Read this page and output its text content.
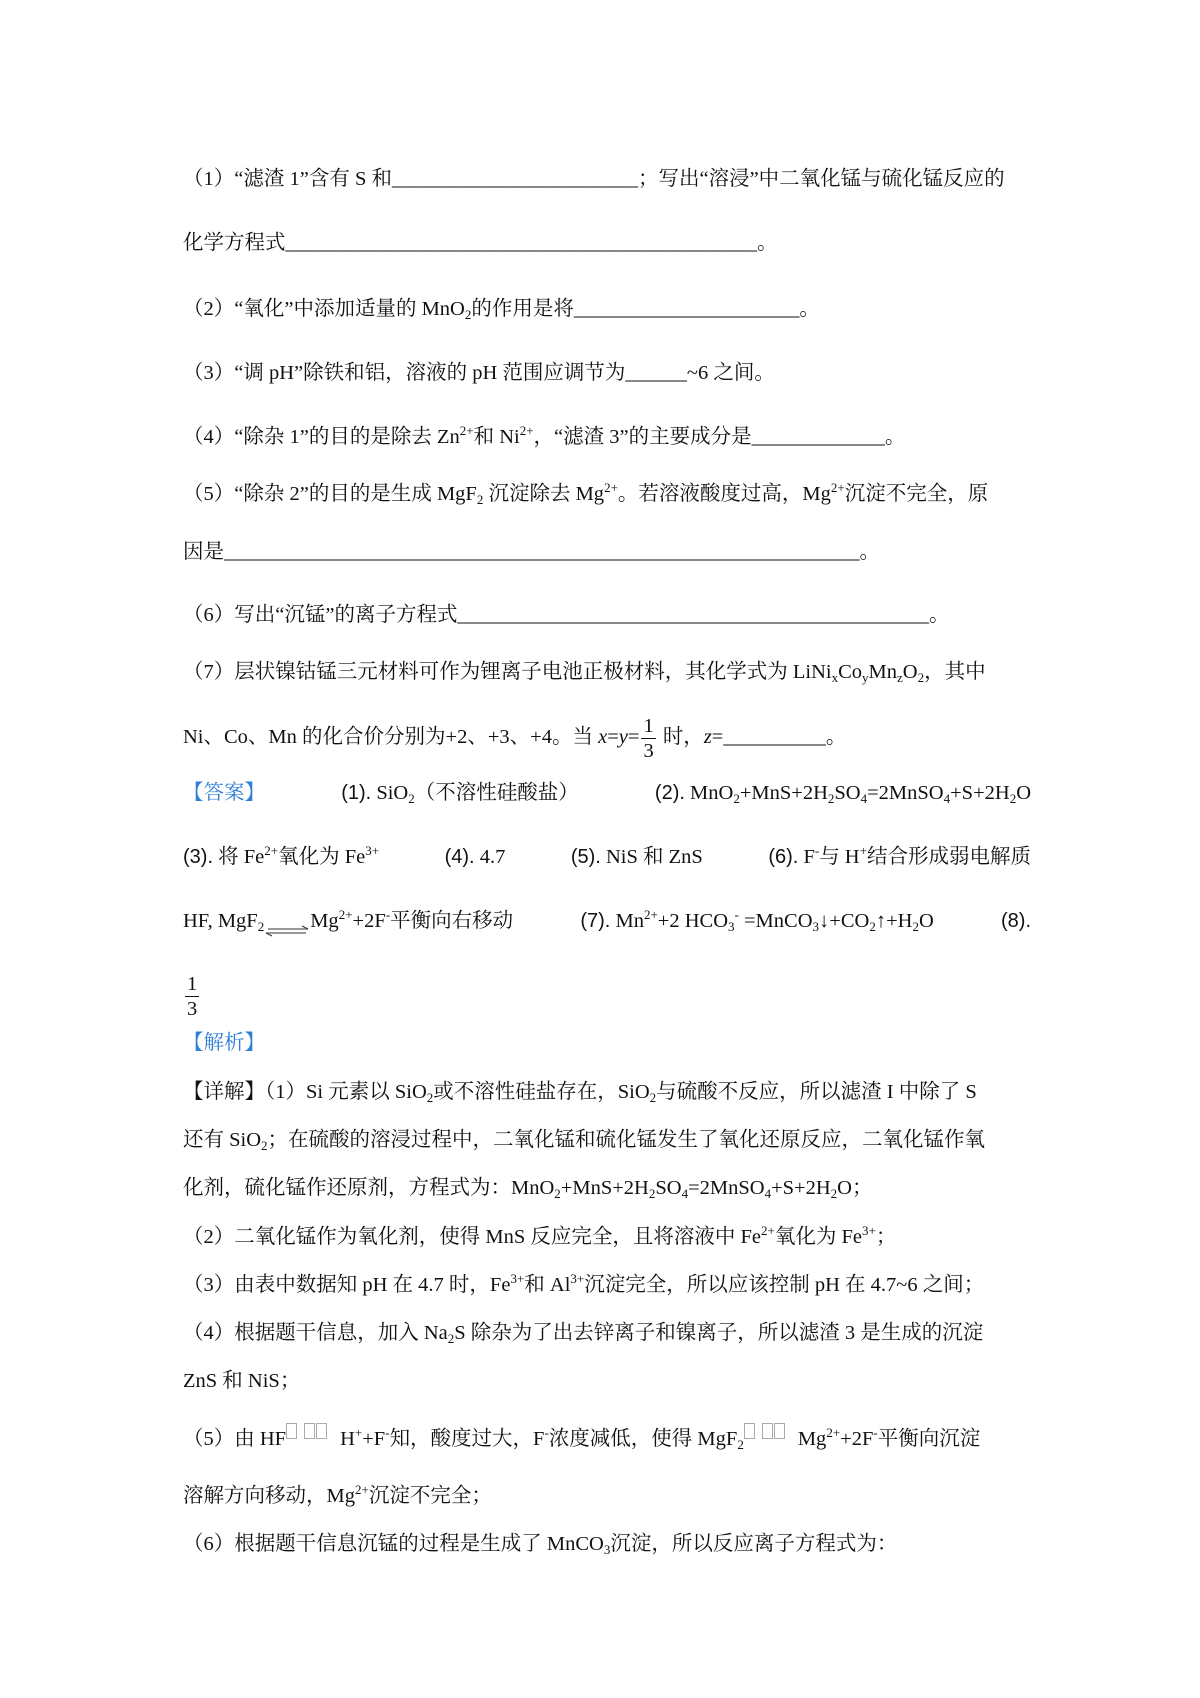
（1）“滤渣 1”含有 S 和________________________；写出“溶浸”中二氧化锰与硫化锰反应的
化学方程式______________________________________________。
（2）“氧化”中添加适量的 MnO$_2$的作用是将______________________。
（3）“调 pH”除铁和铝，溶液的 pH 范围应调节为______~6 之间。
（4）“除杂 1”的目的是除去 $Zn^{2+}$和 $Ni^{2+}$，“滤渣 3”的主要成分是_____________。
（5）“除杂 2”的目的是生成 MgF$_2$ 沉淀除去 $Mg^{2+}$。若溶液酸度过高，$Mg^{2+}$沉淀不完全，原
因是______________________________________________________________。
（6）写出“沉锰”的离子方程式______________________________________________。
（7）层状镍钴锰三元材料可作为锂离子电池正极材料，其化学式为 $LiNi_xCo_yMn_zO_2$，其中
Ni、Co、Mn 的化合价分别为+2、+3、+4。当 $x=y= \frac{1}{3}$ 时，z=__________。
【答案】	(1). SiO$_2$（不溶性硅酸盐）	(2). $MnO_2+MnS+2H_2SO_4=2MnSO_4+S+2H_2O$
(3). 将 $Fe^{2+}$氧化为 $Fe^{3+}$	(4). 4.7	(5). NiS 和 ZnS	(6). F-与 H+结合形成弱电解质
HF, $MgF_2\rightleftharpoons Mg^{2+}+2F^-$平衡向右移动	(7). $Mn^{2+}+2$ $HCO_3^-$ $=MnCO_3↓+CO_2↑+H_2O$	(8).
$\frac{1}{3}$
【解析】
【详解】（1）Si 元素以 SiO$_2$或不溶性硅盐存在，SiO$_2$与硫酸不反应，所以滤渣 I 中除了 S
还有 SiO$_2$；在硫酸的溶浸过程中，二氧化锰和硫化锰发生了氧化还原反应，二氧化锰作氧
化剂，硫化锰作还原剂，方程式为：$MnO_2+MnS+2H_2SO_4=2MnSO_4+S+2H_2O$；
（2）二氧化锰作为氧化剂，使得 MnS 反应完全，且将溶液中 $Fe^{2+}$氧化为 $Fe^{3+}$；
（3）由表中数据知 pH 在 4.7 时，$Fe^{3+}$和 $Al^{3+}$沉淀完全，所以应该控制 pH 在 4.7~6 之间；
（4）根据题干信息，加入 $Na_2S$ 除杂为了出去锌离子和镍离子，所以滤渣 3 是生成的沉淀
ZnS 和 NiS；
（5）由 HF	H++F-知，酸度过大，F-浓度减低，使得 MgF$_2$	$Mg^{2+}+2F^-$平衡向沉淀
溶解方向移动，$Mg^{2+}$沉淀不完全；
（6）根据题干信息沉锰的过程是生成了 MnCO$_3$沉淀，所以反应离子方程式为：
